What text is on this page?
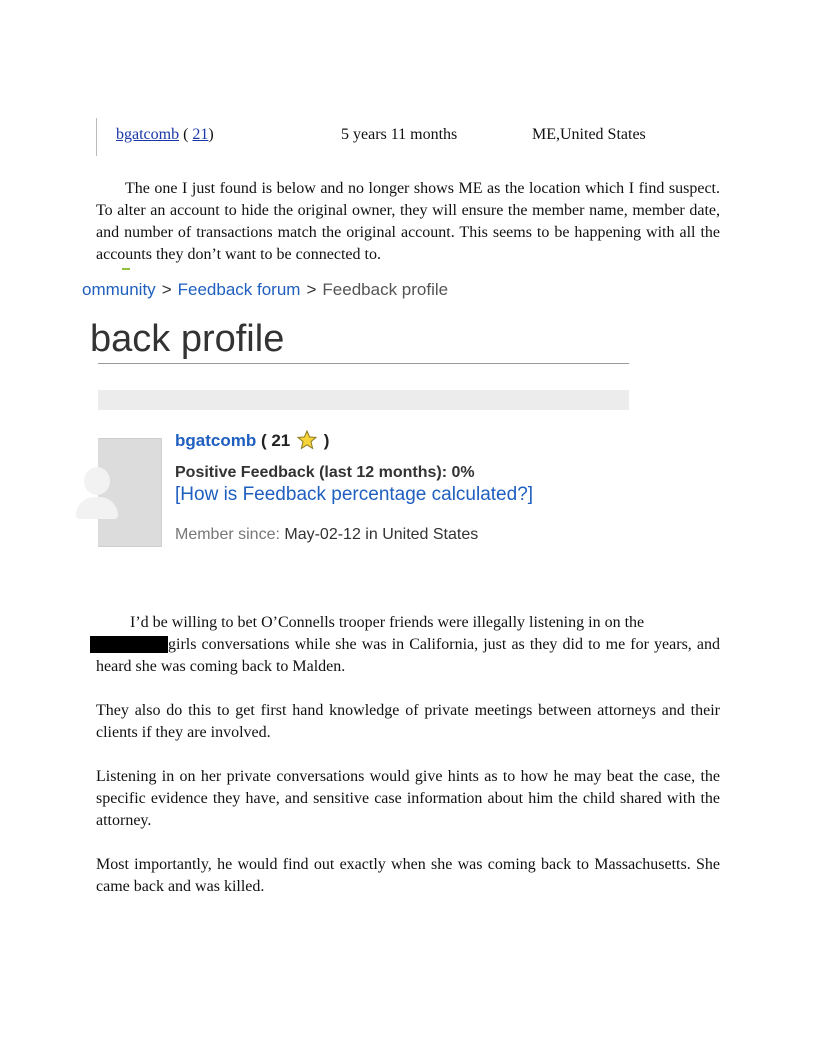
bgatcomb ( 21)	5 years 11 months	ME,United States
The one I just found is below and no longer shows ME as the location which I find suspect. To alter an account to hide the original owner, they will ensure the member name, member date, and number of transactions match the original account. This seems to be happening with all the accounts they don’t want to be connected to.
ommunity > Feedback forum > Feedback profile
back profile
bgatcomb ( 21  )
Positive Feedback (last 12 months): 0%
[How is Feedback percentage calculated?]
Member since: May-02-12 in United States
I’d be willing to bet O’Connells trooper friends were illegally listening in on the
girls conversations while she was in California, just as they did to me for years, and heard she was coming back to Malden.
They also do this to get first hand knowledge of private meetings between attorneys and their clients if they are involved.
Listening in on her private conversations would give hints as to how he may beat the case, the specific evidence they have, and sensitive case information about him the child shared with the attorney.
Most importantly, he would find out exactly when she was coming back to Massachusetts. She came back and was killed.
